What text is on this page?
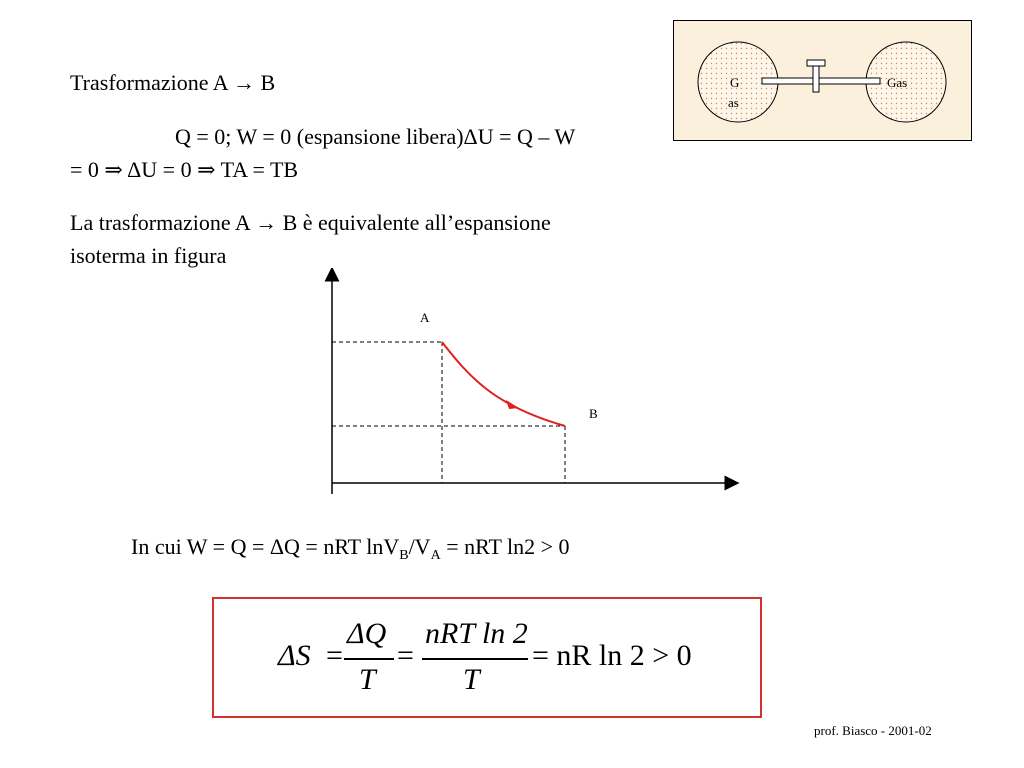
Trasformazione A → B
Q = 0; W = 0 (espansione libera)ΔU = Q – W
= 0 ⇒ ΔU = 0 ⇒ TA = TB
La trasformazione A → B è equivalente all’espansione
isoterma in figura
G
as
Gas
A
B
In cui W = Q = ΔQ = nRT $\ln V_B/V_A$ = nRT ln2 > 0
ΔS =
ΔQ
T
=
nRT ln 2
T
= nR ln 2 > 0
prof. Biasco - 2001-02
